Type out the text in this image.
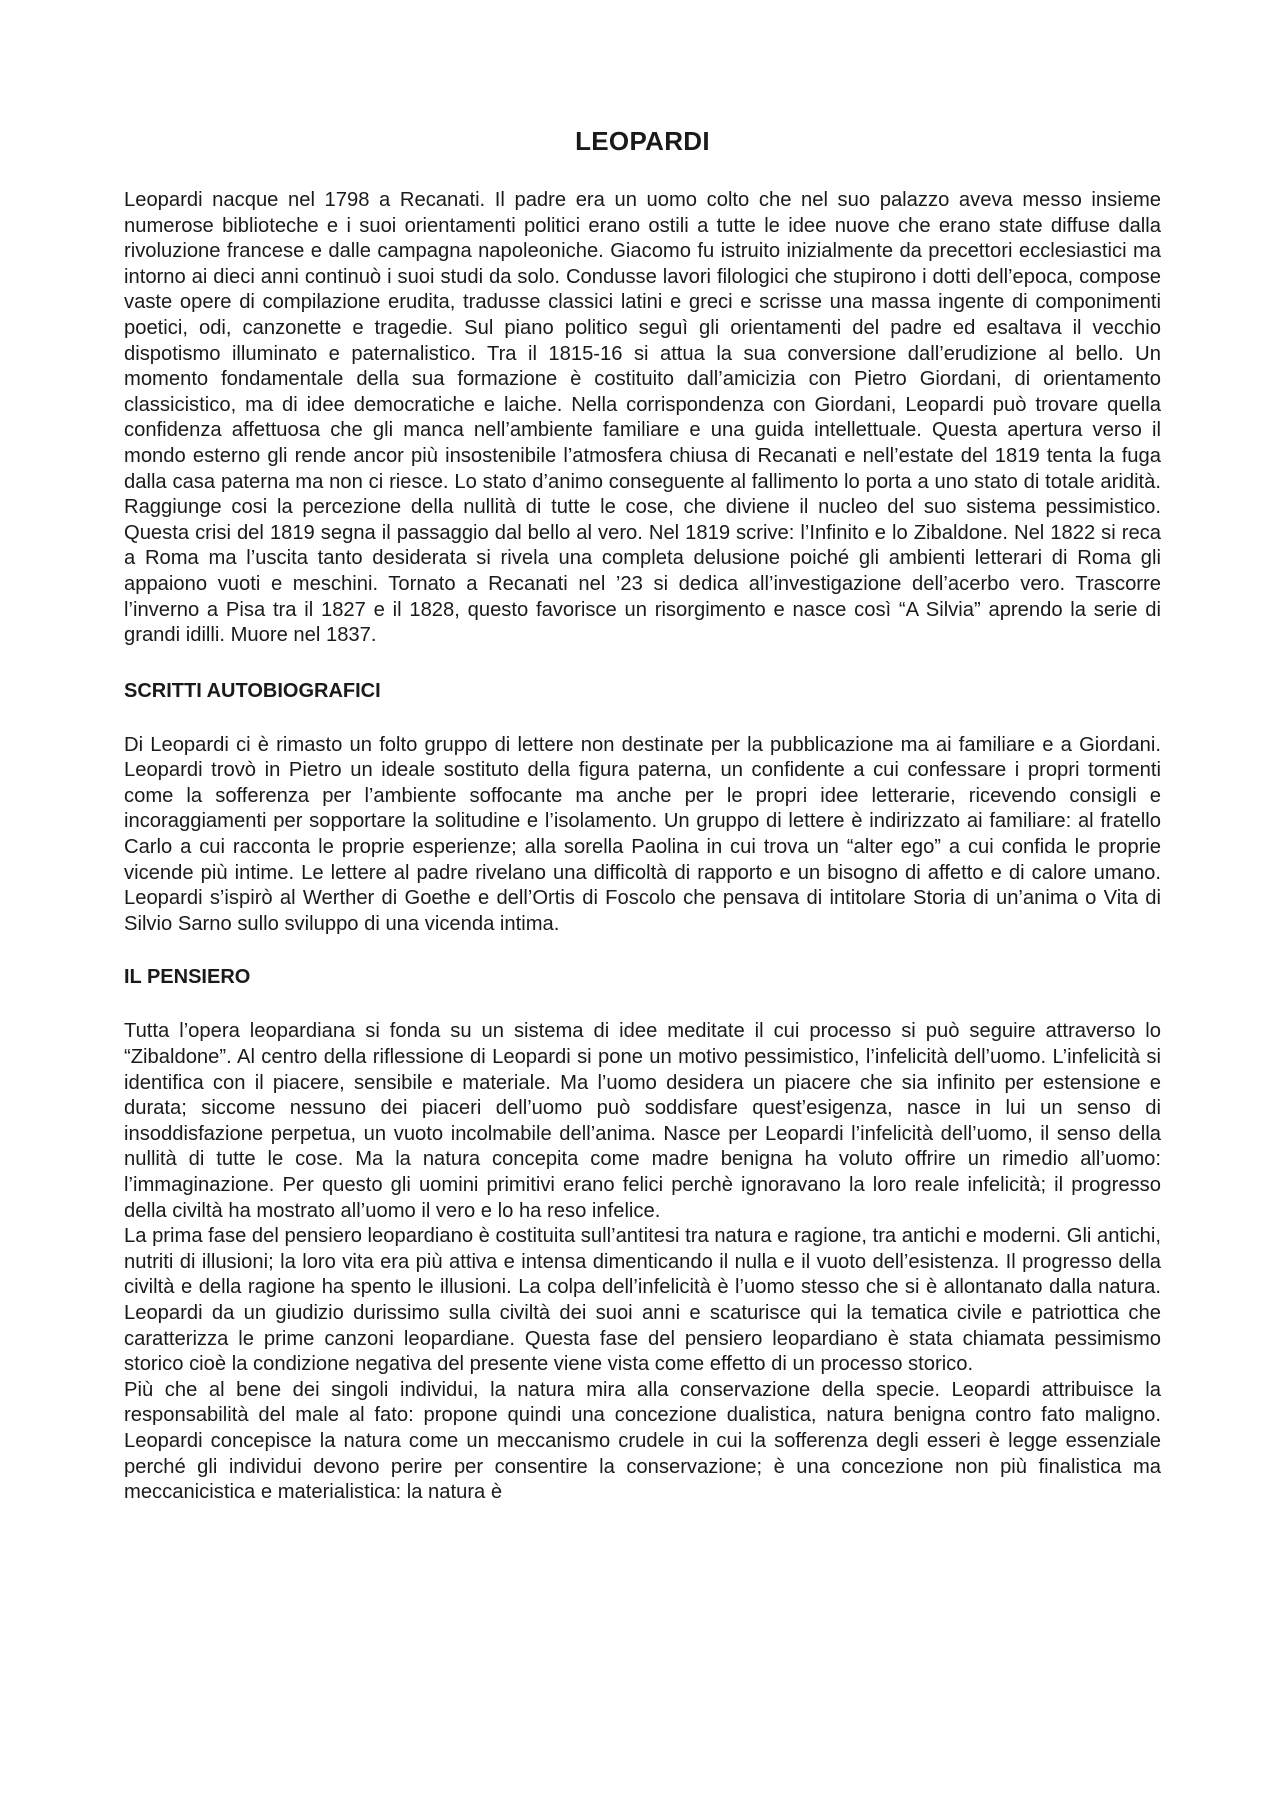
LEOPARDI

Leopardi nacque nel 1798 a Recanati. Il padre era un uomo colto che nel suo palazzo aveva messo insieme numerose biblioteche e i suoi orientamenti politici erano ostili a tutte le idee nuove che erano state diffuse dalla rivoluzione francese e dalle campagna napoleoniche. Giacomo fu istruito inizialmente da precettori ecclesiastici ma intorno ai dieci anni continuò i suoi studi da solo. Condusse lavori filologici che stupirono i dotti dell’epoca, compose vaste opere di compilazione erudita, tradusse classici latini e greci e scrisse una massa ingente di componimenti poetici, odi, canzonette e tragedie. Sul piano politico seguì gli orientamenti del padre ed esaltava il vecchio dispotismo illuminato e paternalistico. Tra il 1815-16 si attua la sua conversione dall’erudizione al bello. Un momento fondamentale della sua formazione è costituito dall’amicizia con Pietro Giordani, di orientamento classicistico, ma di idee democratiche e laiche. Nella corrispondenza con Giordani, Leopardi può trovare quella confidenza affettuosa che gli manca nell’ambiente familiare e una guida intellettuale. Questa apertura verso il mondo esterno gli rende ancor più insostenibile l’atmosfera chiusa di Recanati e nell’estate del 1819 tenta la fuga dalla casa paterna ma non ci riesce. Lo stato d’animo conseguente al fallimento lo porta a uno stato di totale aridità. Raggiunge cosi la percezione della nullità di tutte le cose, che diviene il nucleo del suo sistema pessimistico. Questa crisi del 1819 segna il passaggio dal bello al vero. Nel 1819 scrive: l’Infinito e lo Zibaldone. Nel 1822 si reca a Roma ma l’uscita tanto desiderata si rivela una completa delusione poiché gli ambienti letterari di Roma gli appaiono vuoti e meschini. Tornato a Recanati nel ’23 si dedica all’investigazione dell’acerbo vero. Trascorre l’inverno a Pisa tra il 1827 e il 1828, questo favorisce un risorgimento e nasce così “A Silvia” aprendo la serie di grandi idilli. Muore nel 1837.

SCRITTI AUTOBIOGRAFICI

Di Leopardi ci è rimasto un folto gruppo di lettere non destinate per la pubblicazione ma ai familiare e a Giordani. Leopardi trovò in Pietro un ideale sostituto della figura paterna, un confidente a cui confessare i propri tormenti come la sofferenza per l’ambiente soffocante ma anche per le propri idee letterarie, ricevendo consigli e incoraggiamenti per sopportare la solitudine e l’isolamento. Un gruppo di lettere è indirizzato ai familiare: al fratello Carlo a cui racconta le proprie esperienze; alla sorella Paolina in cui trova un “alter ego” a cui confida le proprie vicende più intime. Le lettere al padre rivelano una difficoltà di rapporto e un bisogno di affetto e di calore umano. Leopardi s’ispirò al Werther di Goethe e dell’Ortis di Foscolo che pensava di intitolare Storia di un’anima o Vita di Silvio Sarno sullo sviluppo di una vicenda intima.

IL PENSIERO

Tutta l’opera leopardiana si fonda su un sistema di idee meditate il cui processo si può seguire attraverso lo “Zibaldone”. Al centro della riflessione di Leopardi si pone un motivo pessimistico, l’infelicità dell’uomo. L’infelicità si identifica con il piacere, sensibile e materiale. Ma l’uomo desidera un piacere che sia infinito per estensione e durata; siccome nessuno dei piaceri dell’uomo può soddisfare quest’esigenza, nasce in lui un senso di insoddisfazione perpetua, un vuoto incolmabile dell’anima. Nasce per Leopardi l’infelicità dell’uomo, il senso della nullità di tutte le cose. Ma la natura concepita come madre benigna ha voluto offrire un rimedio all’uomo: l’immaginazione. Per questo gli uomini primitivi erano felici perchè ignoravano la loro reale infelicità; il progresso della civiltà ha mostrato all’uomo il vero e lo ha reso infelice.

La prima fase del pensiero leopardiano è costituita sull’antitesi tra natura e ragione, tra antichi e moderni. Gli antichi, nutriti di illusioni; la loro vita era più attiva e intensa dimenticando il nulla e il vuoto dell’esistenza. Il progresso della civiltà e della ragione ha spento le illusioni. La colpa dell’infelicità è l’uomo stesso che si è allontanato dalla natura. Leopardi da un giudizio durissimo sulla civiltà dei suoi anni e scaturisce qui la tematica civile e patriottica che caratterizza le prime canzoni leopardiane. Questa fase del pensiero leopardiano è stata chiamata pessimismo storico cioè la condizione negativa del presente viene vista come effetto di un processo storico.

Più che al bene dei singoli individui, la natura mira alla conservazione della specie. Leopardi attribuisce la responsabilità del male al fato: propone quindi una concezione dualistica, natura benigna contro fato maligno. Leopardi concepisce la natura come un meccanismo crudele in cui la sofferenza degli esseri è legge essenziale perché gli individui devono perire per consentire la conservazione; è una concezione non più finalistica ma meccanicistica e materialistica: la natura è
